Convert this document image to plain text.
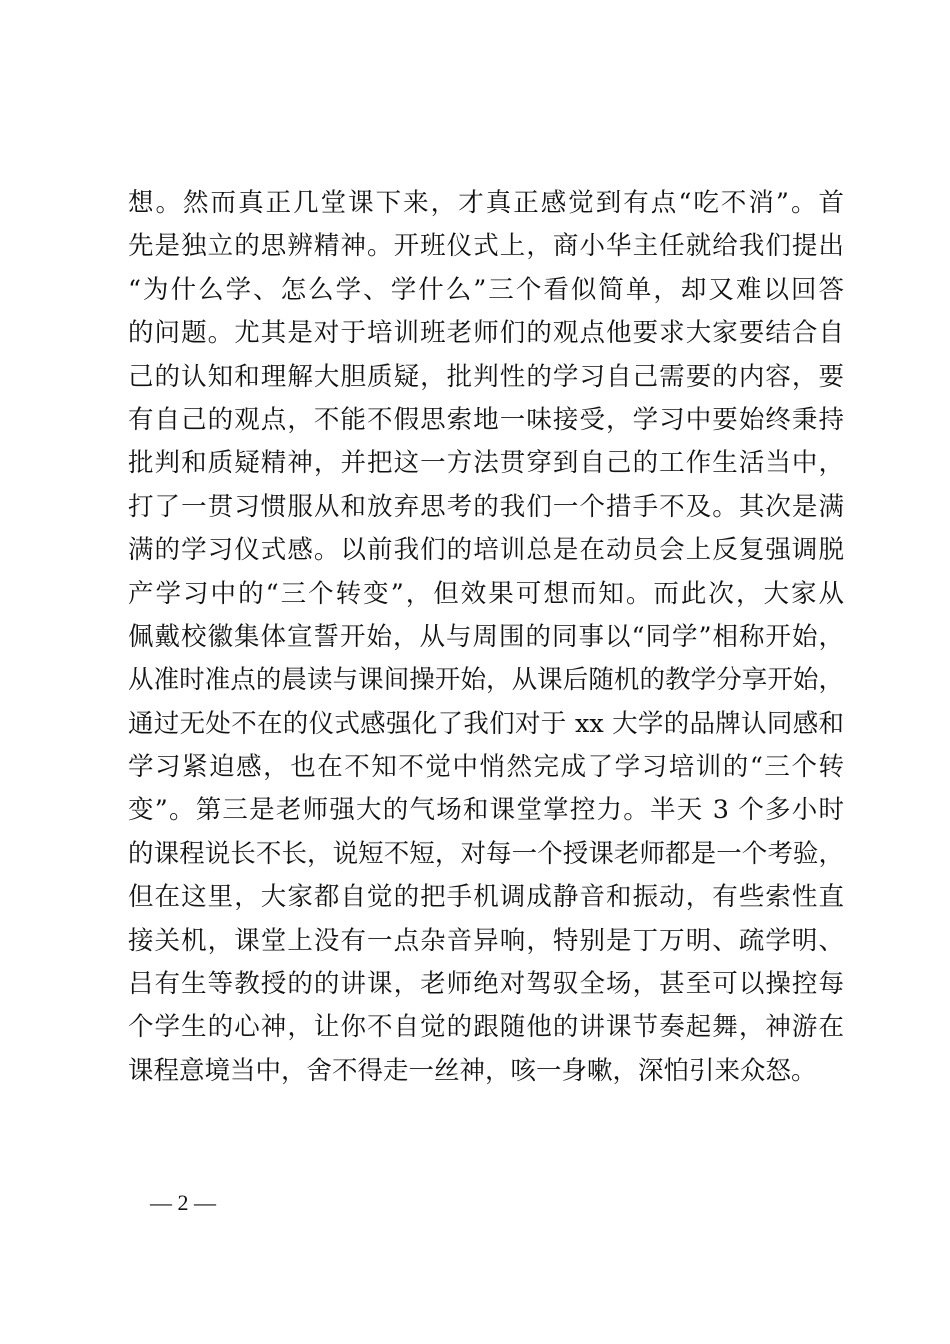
想。然而真正几堂课下来，才真正感觉到有点“吃不消”。首
先是独立的思辨精神。开班仪式上，商小华主任就给我们提出
“为什么学、怎么学、学什么”三个看似简单，却又难以回答
的问题。尤其是对于培训班老师们的观点他要求大家要结合自
己的认知和理解大胆质疑，批判性的学习自己需要的内容，要
有自己的观点，不能不假思索地一味接受，学习中要始终秉持
批判和质疑精神，并把这一方法贯穿到自己的工作生活当中，
打了一贯习惯服从和放弃思考的我们一个措手不及。其次是满
满的学习仪式感。以前我们的培训总是在动员会上反复强调脱
产学习中的“三个转变”，但效果可想而知。而此次，大家从
佩戴校徽集体宣誓开始，从与周围的同事以“同学”相称开始，
从准时准点的晨读与课间操开始，从课后随机的教学分享开始，
通过无处不在的仪式感强化了我们对于 xx 大学的品牌认同感和
学习紧迫感，也在不知不觉中悄然完成了学习培训的“三个转
变”。第三是老师强大的气场和课堂掌控力。半天 3 个多小时
的课程说长不长，说短不短，对每一个授课老师都是一个考验，
但在这里，大家都自觉的把手机调成静音和振动，有些索性直
接关机，课堂上没有一点杂音异响，特别是丁万明、疏学明、
吕有生等教授的的讲课，老师绝对驾驭全场，甚至可以操控每
个学生的心神，让你不自觉的跟随他的讲课节奏起舞，神游在
课程意境当中，舍不得走一丝神，咳一身嗽，深怕引来众怒。
— 2 —
